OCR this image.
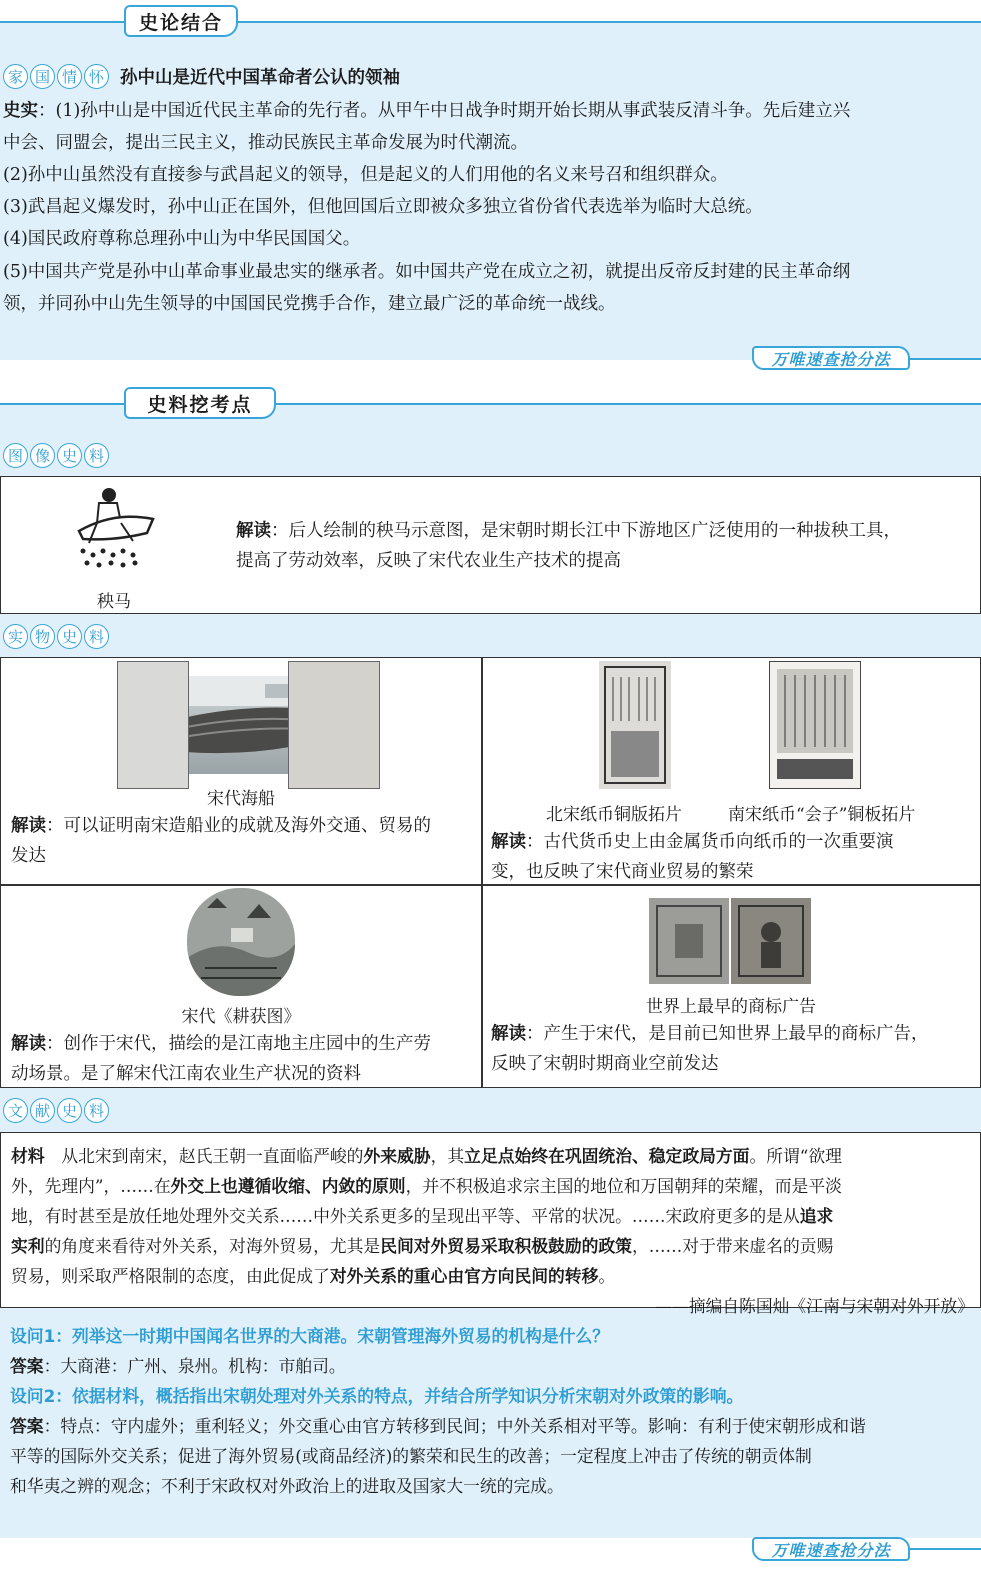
史论结合
家 国 情 怀 孙中山是近代中国革命者公认的领袖
史实：(1)孙中山是中国近代民主革命的先行者。从甲午中日战争时期开始长期从事武装反清斗争。先后建立兴
中会、同盟会，提出三民主义，推动民族民主革命发展为时代潮流。
(2)孙中山虽然没有直接参与武昌起义的领导，但是起义的人们用他的名义来号召和组织群众。
(3)武昌起义爆发时，孙中山正在国外，但他回国后立即被众多独立省份省代表选举为临时大总统。
(4)国民政府尊称总理孙中山为中华民国国父。
(5)中国共产党是孙中山革命事业最忠实的继承者。如中国共产党在成立之初，就提出反帝反封建的民主革命纲
领，并同孙中山先生领导的中国国民党携手合作，建立最广泛的革命统一战线。
万唯速查抢分法
史料挖考点
图 像 史 料
秧马
解读：后人绘制的秧马示意图，是宋朝时期长江中下游地区广泛使用的一种拔秧工具，
提高了劳动效率，反映了宋代农业生产技术的提高
实 物 史 料
宋代海船
解读：可以证明南宋造船业的成就及海外交通、贸易的
发达
北宋纸币铜版拓片	南宋纸币“会子”铜板拓片
解读：古代货币史上由金属货币向纸币的一次重要演
变，也反映了宋代商业贸易的繁荣
宋代《耕获图》
解读：创作于宋代，描绘的是江南地主庄园中的生产劳
动场景。是了解宋代江南农业生产状况的资料
世界上最早的商标广告
解读：产生于宋代，是目前已知世界上最早的商标广告，
反映了宋朝时期商业空前发达
文 献 史 料
材料　从北宋到南宋，赵氏王朝一直面临严峻的外来威胁，其立足点始终在巩固统治、稳定政局方面。所谓“欲理
外，先理内”，……在外交上也遵循收缩、内敛的原则，并不积极追求宗主国的地位和万国朝拜的荣耀，而是平淡
地，有时甚至是放任地处理外交关系……中外关系更多的呈现出平等、平常的状况。……宋政府更多的是从追求
实利的角度来看待对外关系，对海外贸易，尤其是民间对外贸易采取积极鼓励的政策，……对于带来虚名的贡赐
贸易，则采取严格限制的态度，由此促成了对外关系的重心由官方向民间的转移。
——摘编自陈国灿《江南与宋朝对外开放》
设问1：列举这一时期中国闻名世界的大商港。宋朝管理海外贸易的机构是什么？
答案：大商港：广州、泉州。机构：市舶司。
设问2：依据材料，概括指出宋朝处理对外关系的特点，并结合所学知识分析宋朝对外政策的影响。
答案：特点：守内虚外；重利轻义；外交重心由官方转移到民间；中外关系相对平等。影响：有利于使宋朝形成和谐
平等的国际外交关系；促进了海外贸易(或商品经济)的繁荣和民生的改善；一定程度上冲击了传统的朝贡体制
和华夷之辨的观念；不利于宋政权对外政治上的进取及国家大一统的完成。
万唯速查抢分法
